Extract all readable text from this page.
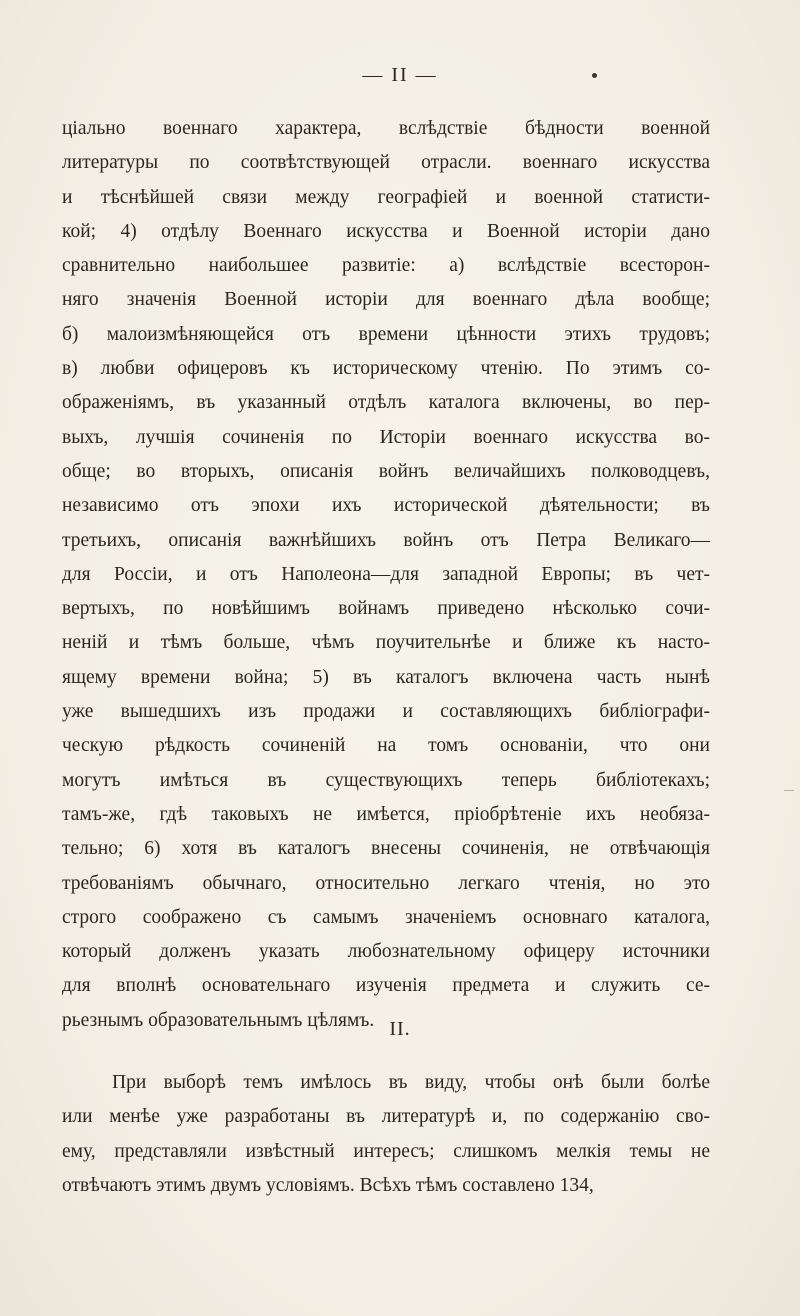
— II —
ціально военнаго характера, вслѣдствіе бѣдности военной
литературы по соотвѣтствующей отрасли. военнаго искусства
и тѣснѣйшей связи между географіей и военной статисти-
кой; 4) отдѣлу Военнаго искусства и Военной исторіи дано
сравнительно наибольшее развитіе: a) вслѣдствіе всесторон-
няго значенія Военной исторіи для военнаго дѣла вообще;
б) малоизмѣняющейся отъ времени цѣнности этихъ трудовъ;
в) любви офицеровъ къ историческому чтенію. По этимъ со-
ображеніямъ, въ указанный отдѣлъ каталога включены, во пер-
выхъ, лучшія сочиненія по Исторіи военнаго искусства во-
обще; во вторыхъ, описанія войнъ величайшихъ полководцевъ,
независимо отъ эпохи ихъ исторической дѣятельности; въ
третьихъ, описанія важнѣйшихъ войнъ отъ Петра Великаго—
для Россіи, и отъ Наполеона—для западной Европы; въ чет-
вертыхъ, по новѣйшимъ войнамъ приведено нѣсколько сочи-
неній и тѣмъ больше, чѣмъ поучительнѣе и ближе къ насто-
ящему времени война; 5) въ каталогъ включена часть нынѣ
уже вышедшихъ изъ продажи и составляющихъ библіографи-
ческую рѣдкость сочиненій на томъ основаніи, что они
могутъ имѣться въ существующихъ теперь библіотекахъ;
тамъ-же, гдѣ таковыхъ не имѣется, пріобрѣтеніе ихъ необяза-
тельно; 6) хотя въ каталогъ внесены сочиненія, не отвѣчающія
требованіямъ обычнаго, относительно легкаго чтенія, но это
строго соображено съ самымъ значеніемъ основнаго каталога,
который долженъ указать любознательному офицеру источники
для вполнѣ основательнаго изученія предмета и служить се-
рьезнымъ образовательнымъ цѣлямъ. II.
При выборѣ темъ имѣлось въ виду, чтобы онѣ были болѣе
или менѣе уже разработаны въ литературѣ и, по содержанію сво-
ему, представляли извѣстный интересъ; слишкомъ мелкія темы не
отвѣчаютъ этимъ двумъ условіямъ. Всѣхъ тѣмъ составлено 134,
